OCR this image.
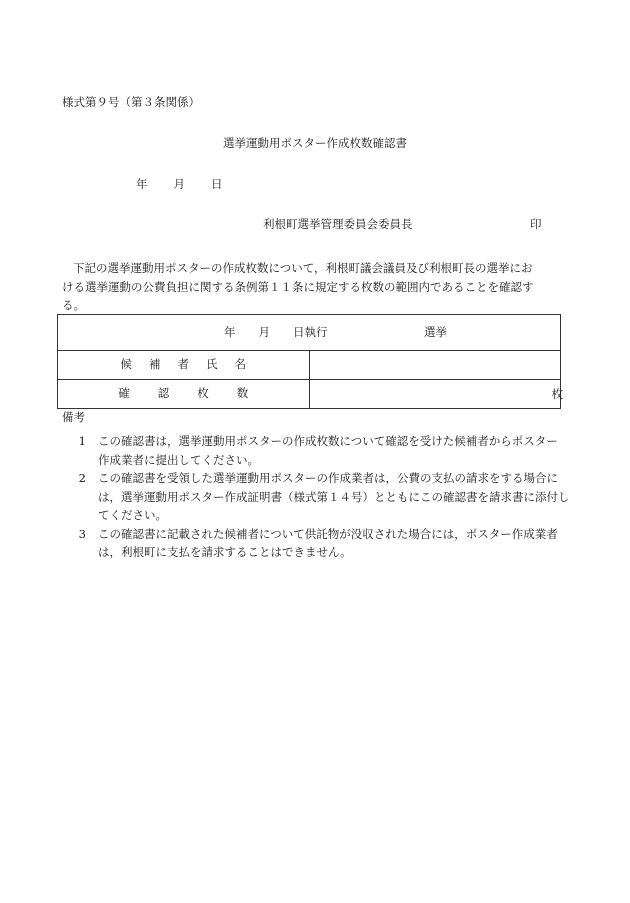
様式第９号（第３条関係）
選挙運動用ポスター作成枚数確認書
年 月 日
利根町選挙管理委員会委員長	印
下記の選挙運動用ポスターの作成枚数について，利根町議会議員及び利根町長の選挙にお
ける選挙運動の公費負担に関する条例第１１条に規定する枚数の範囲内であることを確認す
る。
年　　月　　日執行 選挙	

候補者氏名	
確認枚数	枚
備考
1 この確認書は，選挙運動用ポスターの作成枚数について確認を受けた候補者からポスター
作成業者に提出してください。
2 この確認書を受領した選挙運動用ポスターの作成業者は，公費の支払の請求をする場合に
は，選挙運動用ポスター作成証明書（様式第１４号）とともにこの確認書を請求書に添付し
てください。
3 この確認書に記載された候補者について供託物が没収された場合には，ポスター作成業者
は，利根町に支払を請求することはできません。
